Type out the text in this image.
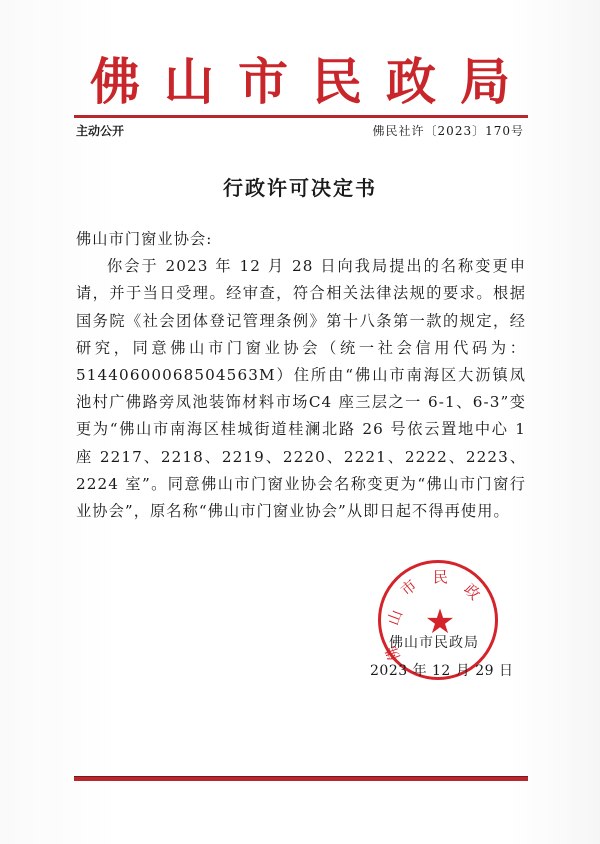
佛山市民政局
主动公开	佛民社许〔2023〕170号
行政许可决定书

佛山市门窗业协会:

你会于 2023 年 12 月 28 日向我局提出的名称变更申请，并于当日受理。经审查，符合相关法律法规的要求。根据国务院《社会团体登记管理条例》第十八条第一款的规定，经研究，同意佛山市门窗业协会（统一社会信用代码为：51440600068504563M）住所由“佛山市南海区大沥镇凤池村广佛路旁凤池装饰材料市场C4 座三层之一 6-1、6-3”变更为“佛山市南海区桂城街道桂澜北路 26 号依云置地中心 1 座 2217、2218、2219、2220、2221、2222、2223、2224 室”。同意佛山市门窗业协会名称变更为“佛山市门窗行业协会”，原名称“佛山市门窗业协会”从即日起不得再使用。

山
市 民
政
佛
★
佛山市民政局
2023 年 12 月 29 日
